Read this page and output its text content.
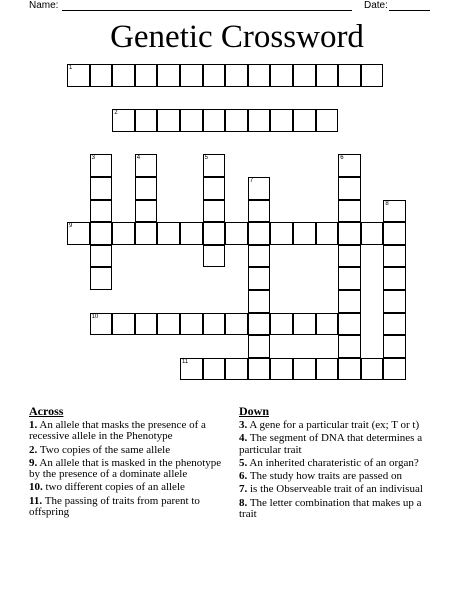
Name:	Date:
Genetic Crossword
1
2
3	4	5	6
7
8
9
10
11
Across
1. An allele that masks the presence of a recessive allele in the Phenotype
2. Two copies of the same allele
9. An allele that is masked in the phenotype by the presence of a dominate allele
10. two different copies of an allele
11. The passing of traits from parent to offspring
Down
3. A gene for a particular trait (ex; T or t)
4. The segment of DNA that determines a particular trait
5. An inherited charateristic of an organ?
6. The study how traits are passed on
7. is the Observeable trait of an indivisual
8. The letter combination that makes up a trait
